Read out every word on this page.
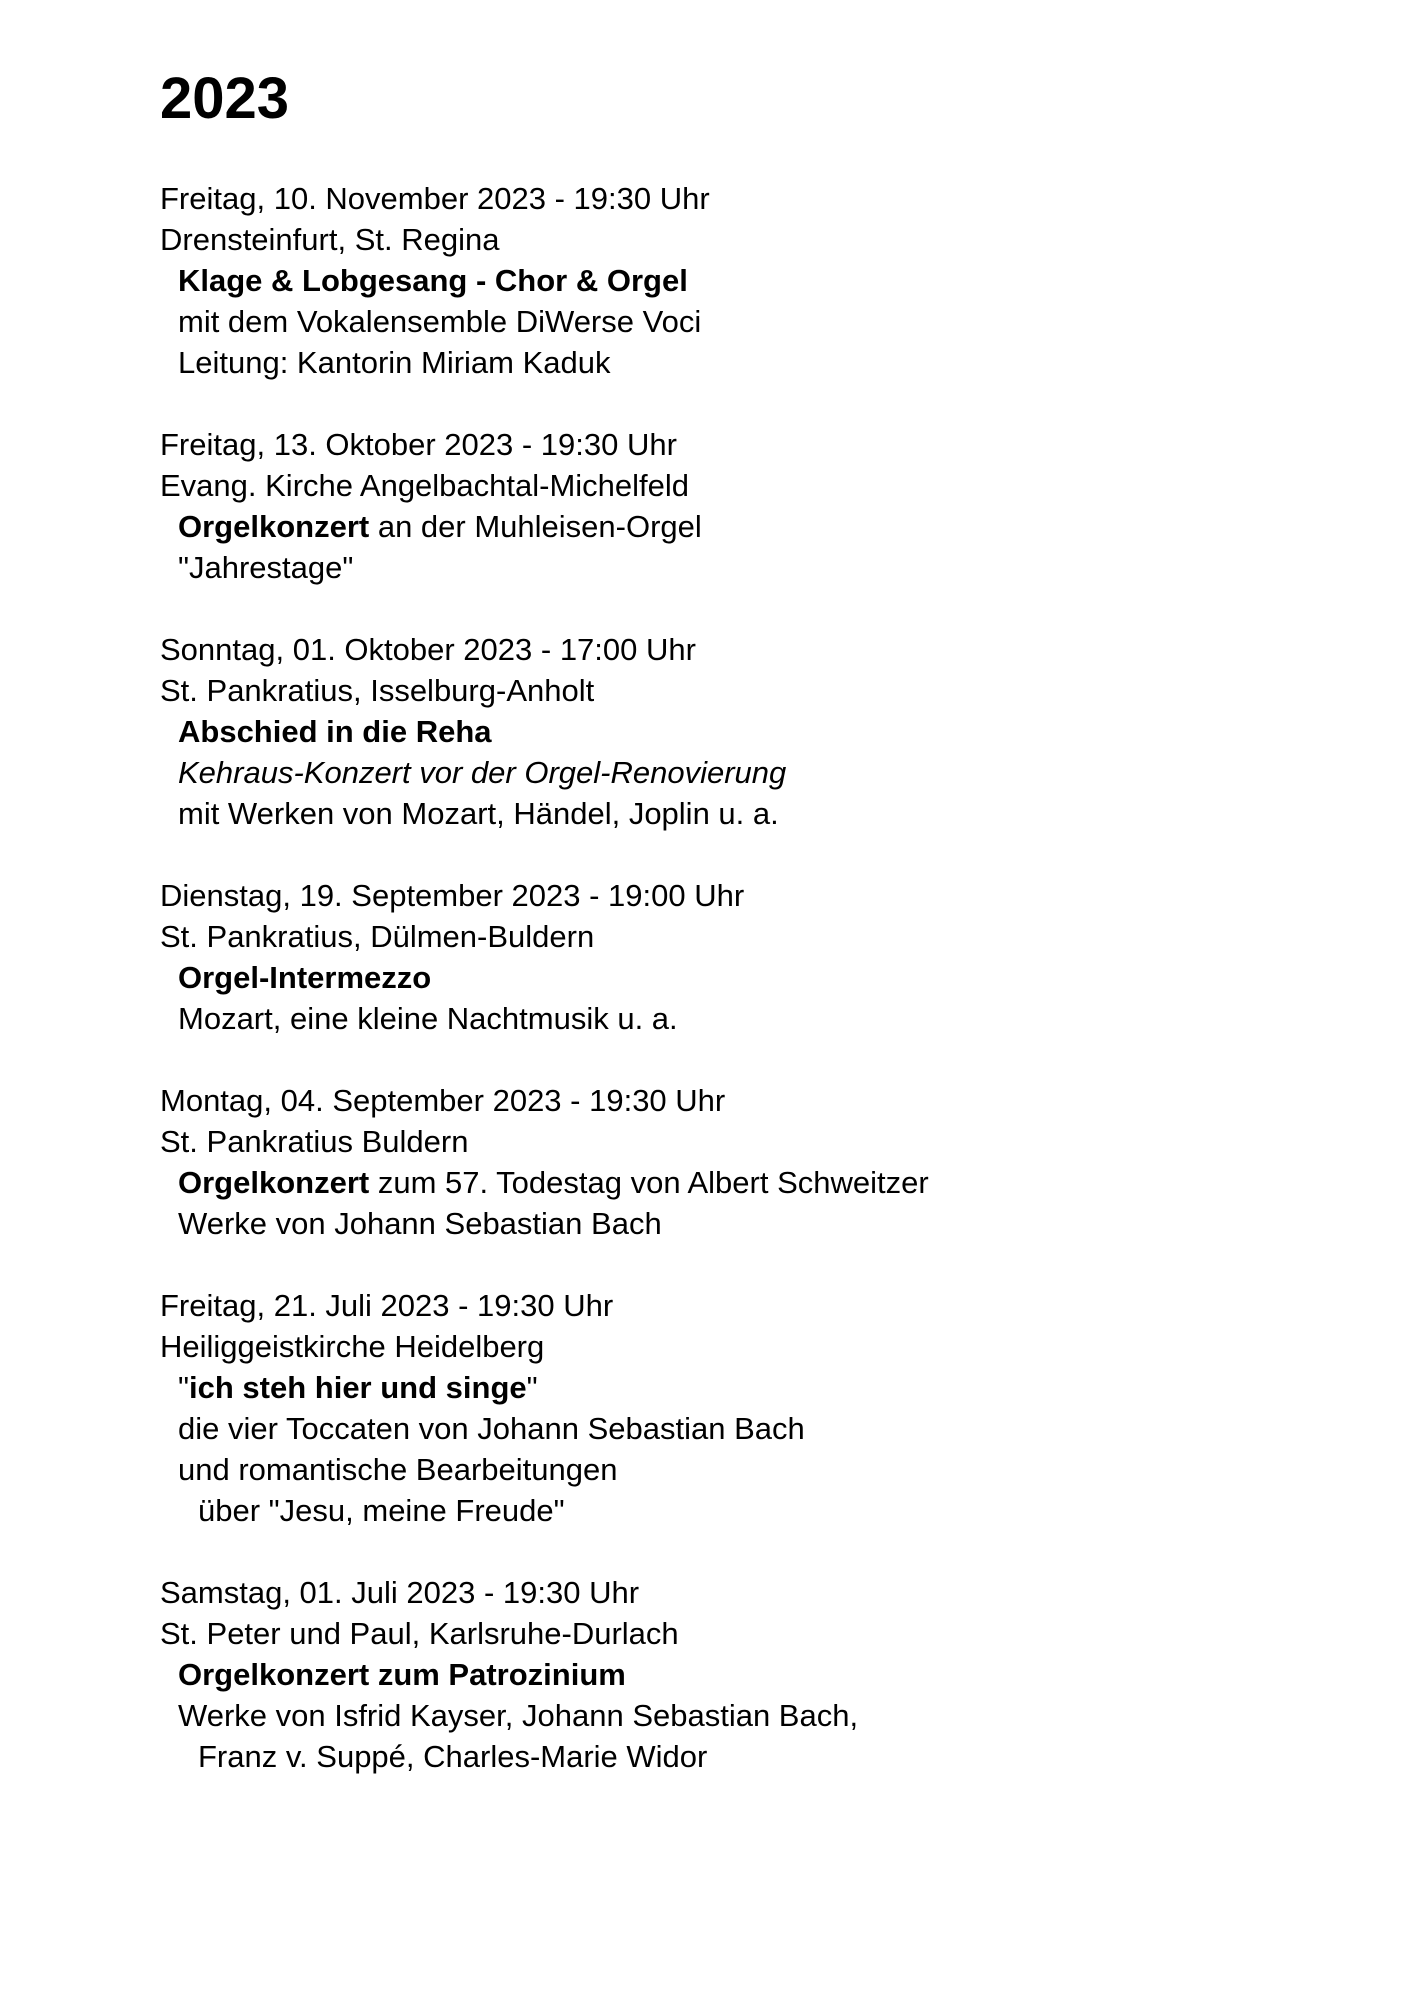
2023

Freitag, 10. November 2023 - 19:30 Uhr

Drensteinfurt, St. Regina

Klage & Lobgesang - Chor & Orgel

mit dem Vokalensemble DiWerse Voci

Leitung: Kantorin Miriam Kaduk

Freitag, 13. Oktober 2023 - 19:30 Uhr

Evang. Kirche Angelbachtal-Michelfeld

Orgelkonzert an der Muhleisen-Orgel

"Jahrestage"

Sonntag, 01. Oktober 2023 - 17:00 Uhr

St. Pankratius, Isselburg-Anholt

Abschied in die Reha

Kehraus-Konzert vor der Orgel-Renovierung

mit Werken von Mozart, Händel, Joplin u. a.

Dienstag, 19. September 2023 - 19:00 Uhr

St. Pankratius, Dülmen-Buldern

Orgel-Intermezzo

Mozart, eine kleine Nachtmusik u. a.

Montag, 04. September 2023 - 19:30 Uhr

St. Pankratius Buldern

Orgelkonzert zum 57. Todestag von Albert Schweitzer

Werke von Johann Sebastian Bach

Freitag, 21. Juli 2023 - 19:30 Uhr

Heiliggeistkirche Heidelberg

"ich steh hier und singe"

die vier Toccaten von Johann Sebastian Bach

und romantische Bearbeitungen

über "Jesu, meine Freude"

Samstag, 01. Juli 2023 - 19:30 Uhr

St. Peter und Paul, Karlsruhe-Durlach

Orgelkonzert zum Patrozinium

Werke von Isfrid Kayser, Johann Sebastian Bach,

Franz v. Suppé, Charles-Marie Widor
